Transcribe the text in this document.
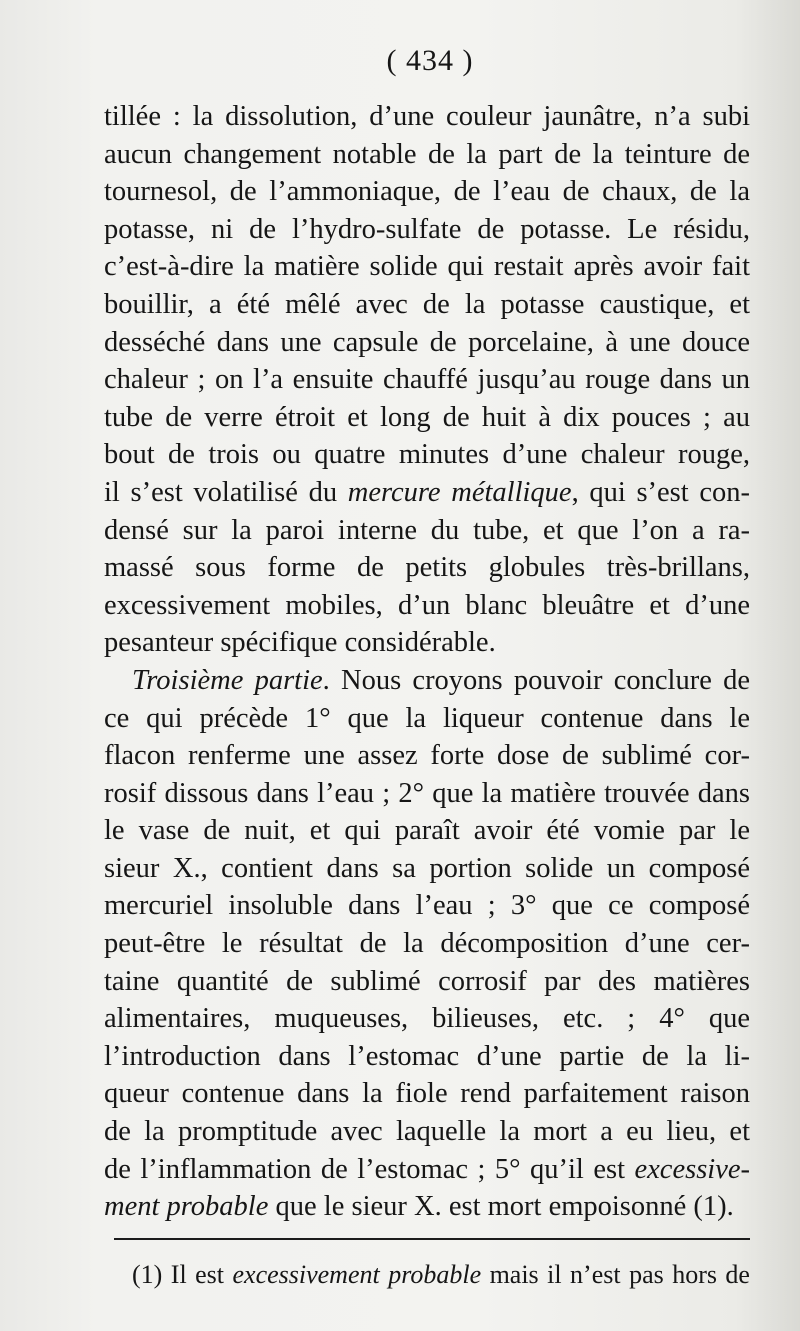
( 434 )
tillée : la dissolution, d’une couleur jaunâtre, n’a subi
aucun changement notable de la part de la teinture de
tournesol, de l’ammoniaque, de l’eau de chaux, de la
potasse, ni de l’hydro-sulfate de potasse. Le résidu,
c’est-à-dire la matière solide qui restait après avoir fait
bouillir, a été mêlé avec de la potasse caustique, et
desséché dans une capsule de porcelaine, à une douce
chaleur ; on l’a ensuite chauffé jusqu’au rouge dans un
tube de verre étroit et long de huit à dix pouces ; au
bout de trois ou quatre minutes d’une chaleur rouge,
il s’est volatilisé du mercure métallique, qui s’est con-
densé sur la paroi interne du tube, et que l’on a ra-
massé sous forme de petits globules très-brillans,
excessivement mobiles, d’un blanc bleuâtre et d’une
pesanteur spécifique considérable.
Troisième partie. Nous croyons pouvoir conclure de
ce qui précède 1° que la liqueur contenue dans le
flacon renferme une assez forte dose de sublimé cor-
rosif dissous dans l’eau ; 2° que la matière trouvée dans
le vase de nuit, et qui paraît avoir été vomie par le
sieur X., contient dans sa portion solide un composé
mercuriel insoluble dans l’eau ; 3° que ce composé
peut-être le résultat de la décomposition d’une cer-
taine quantité de sublimé corrosif par des matières
alimentaires, muqueuses, bilieuses, etc. ; 4° que
l’introduction dans l’estomac d’une partie de la li-
queur contenue dans la fiole rend parfaitement raison
de la promptitude avec laquelle la mort a eu lieu, et
de l’inflammation de l’estomac ; 5° qu’il est excessive-
ment probable que le sieur X. est mort empoisonné (1).
(1) Il est excessivement probable mais il n’est pas hors de
